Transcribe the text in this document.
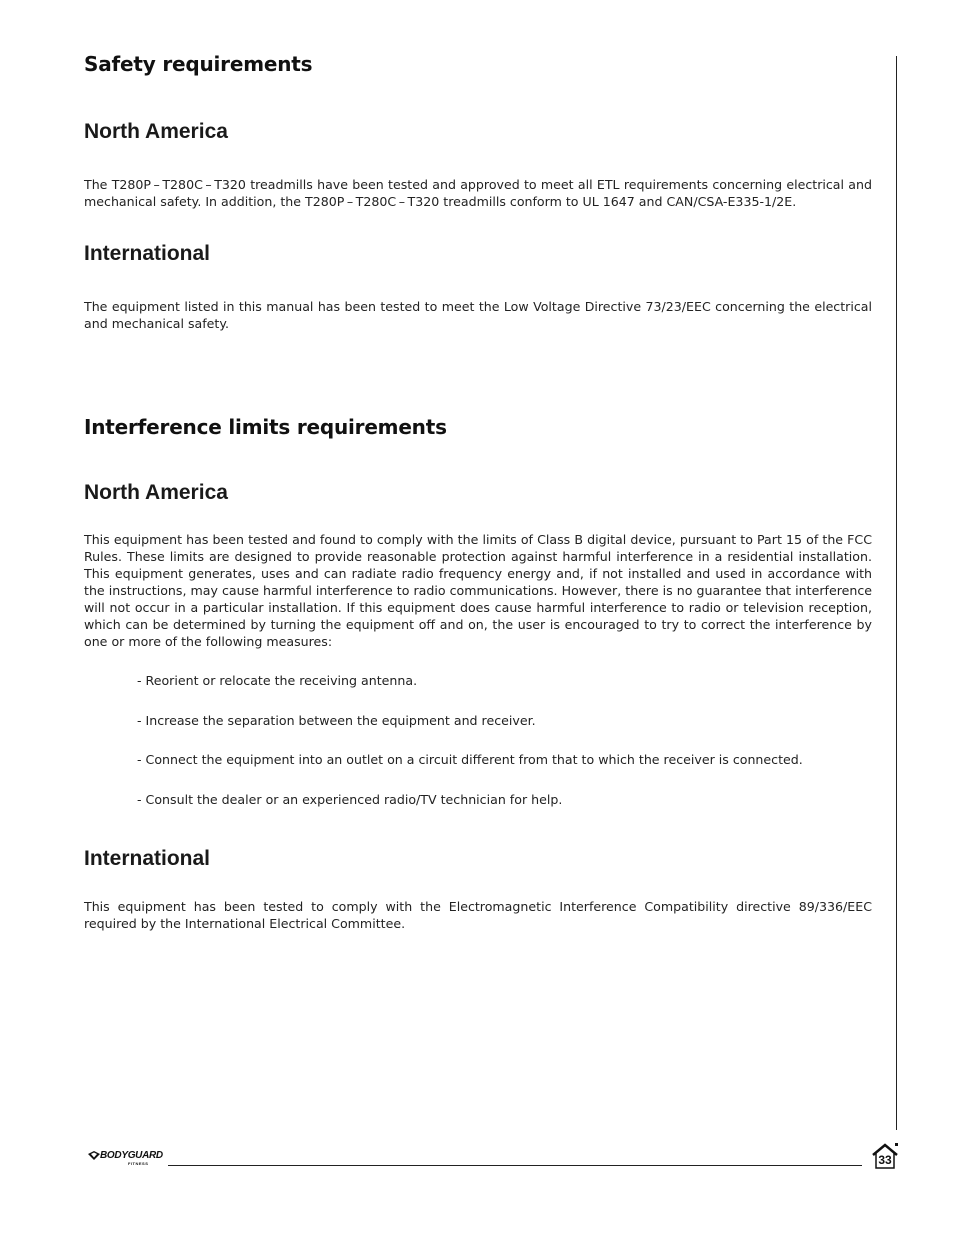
Safety requirements
North America

The T280P – T280C – T320 treadmills have been tested and approved to meet all ETL requirements concerning electrical and mechanical safety. In addition, the T280P – T280C – T320 treadmills conform to UL 1647 and CAN/CSA-E335-1/2E.

International

The equipment listed in this manual has been tested to meet the Low Voltage Directive 73/23/EEC concerning the electrical and mechanical safety.

Interference limits requirements
North America

This equipment has been tested and found to comply with the limits of Class B digital device, pursuant to Part 15 of the FCC Rules. These limits are designed to provide reasonable protection against harmful interference in a residential installation. This equipment generates, uses and can radiate radio frequency energy and, if not installed and used in accordance with the instructions, may cause harmful interference to radio communications. However, there is no guarantee that interference will not occur in a particular installation. If this equipment does cause harmful interference to radio or television reception, which can be determined by turning the equipment off and on, the user is encouraged to try to correct the interference by one or more of the following measures:

- Reorient or relocate the receiving antenna.
- Increase the separation between the equipment and receiver.
- Connect the equipment into an outlet on a circuit different from that to which the receiver is connected.
- Consult the dealer or an experienced radio/TV technician for help.
International

This equipment has been tested to comply with the Electromagnetic Interference Compatibility directive 89/336/EEC required by the International Electrical Committee.

BODYGUARD
FITNESS	33
